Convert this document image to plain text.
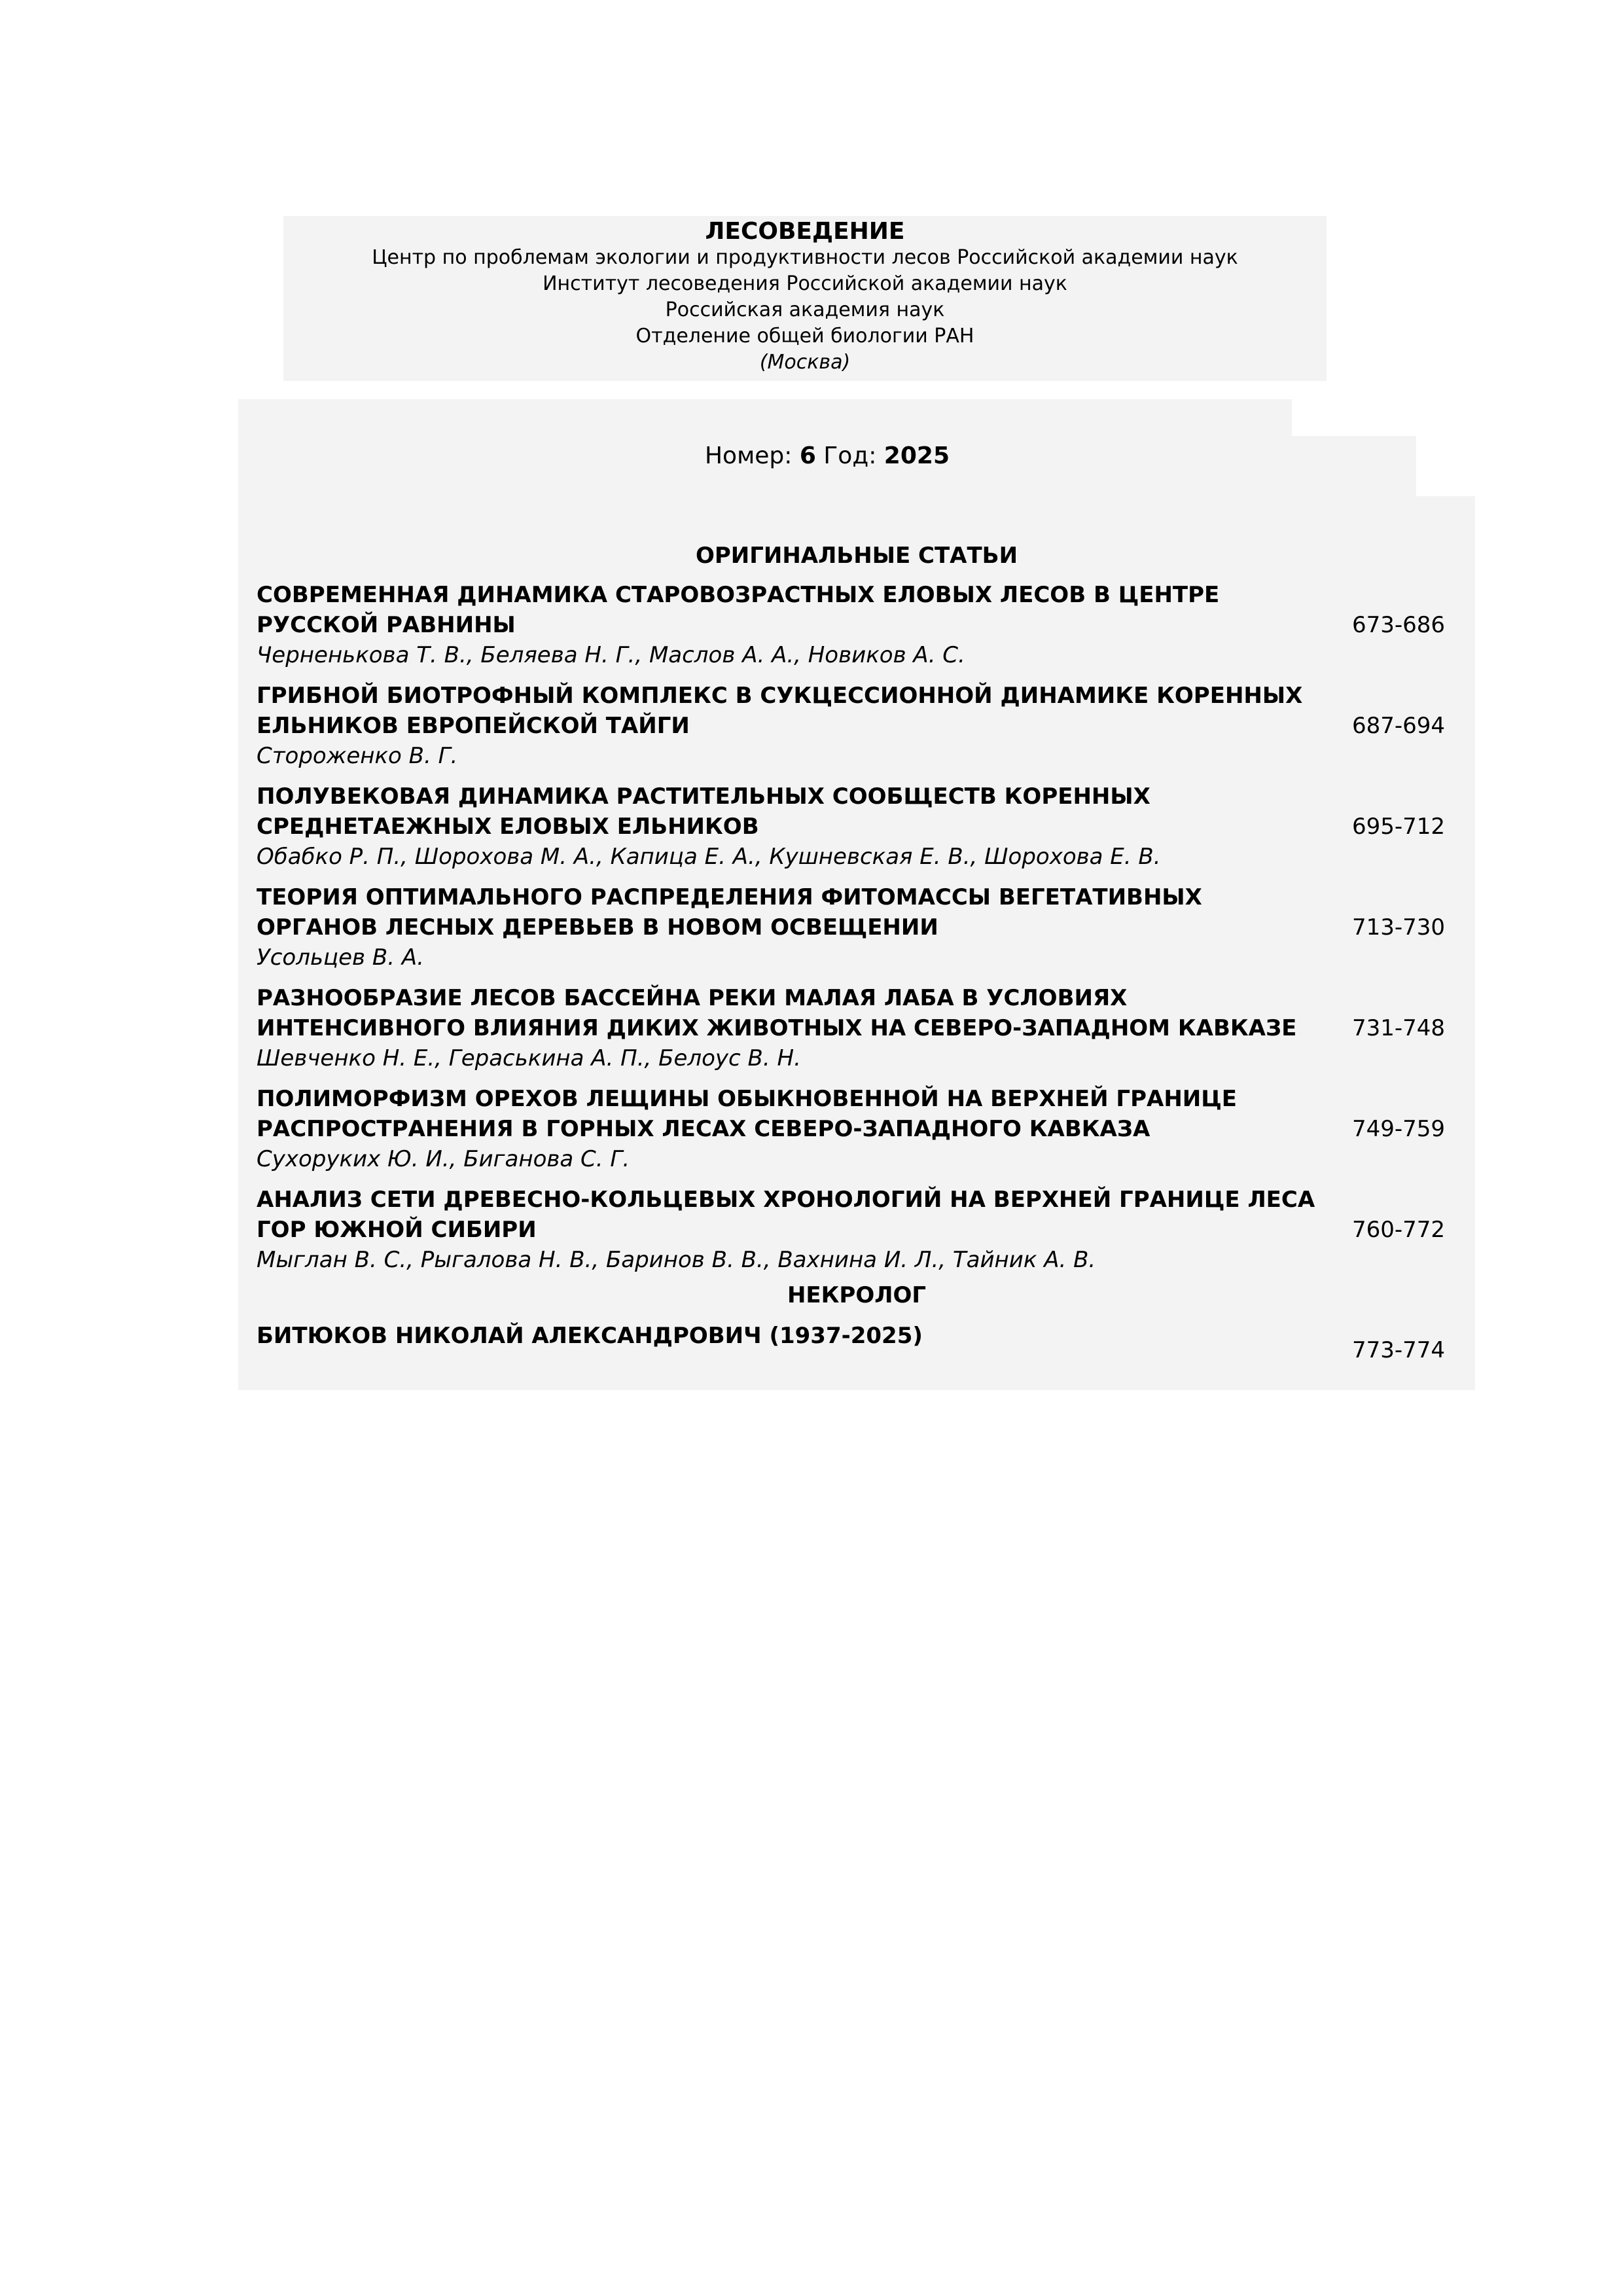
ЛЕСОВЕДЕНИЕ
Центр по проблемам экологии и продуктивности лесов Российской академии наук
Институт лесоведения Российской академии наук
Российская академия наук
Отделение общей биологии РАН
(Москва)
Номер: 6 Год: 2025
ОРИГИНАЛЬНЫЕ СТАТЬИ
СОВРЕМЕННАЯ ДИНАМИКА СТАРОВОЗРАСТНЫХ ЕЛОВЫХ ЛЕСОВ В ЦЕНТРЕ
РУССКОЙ РАВНИНЫ
Черненькова Т. В., Беляева Н. Г., Маслов А. А., Новиков А. С.
673-686
ГРИБНОЙ БИОТРОФНЫЙ КОМПЛЕКС В СУКЦЕССИОННОЙ ДИНАМИКЕ КОРЕННЫХ
ЕЛЬНИКОВ ЕВРОПЕЙСКОЙ ТАЙГИ
Стороженко В. Г.
687-694
ПОЛУВЕКОВАЯ ДИНАМИКА РАСТИТЕЛЬНЫХ СООБЩЕСТВ КОРЕННЫХ
СРЕДНЕТАЕЖНЫХ ЕЛОВЫХ ЕЛЬНИКОВ
Обабко Р. П., Шорохова М. А., Капица Е. А., Кушневская Е. В., Шорохова Е. В.
695-712
ТЕОРИЯ ОПТИМАЛЬНОГО РАСПРЕДЕЛЕНИЯ ФИТОМАССЫ ВЕГЕТАТИВНЫХ
ОРГАНОВ ЛЕСНЫХ ДЕРЕВЬЕВ В НОВОМ ОСВЕЩЕНИИ
Усольцев В. А.
713-730
РАЗНООБРАЗИЕ ЛЕСОВ БАССЕЙНА РЕКИ МАЛАЯ ЛАБА В УСЛОВИЯХ
ИНТЕНСИВНОГО ВЛИЯНИЯ ДИКИХ ЖИВОТНЫХ НА СЕВЕРО-ЗАПАДНОМ КАВКАЗЕ
Шевченко Н. Е., Гераськина А. П., Белоус В. Н.
731-748
ПОЛИМОРФИЗМ ОРЕХОВ ЛЕЩИНЫ ОБЫКНОВЕННОЙ НА ВЕРХНЕЙ ГРАНИЦЕ
РАСПРОСТРАНЕНИЯ В ГОРНЫХ ЛЕСАХ СЕВЕРО-ЗАПАДНОГО КАВКАЗА
Сухоруких Ю. И., Биганова С. Г.
749-759
АНАЛИЗ СЕТИ ДРЕВЕСНО-КОЛЬЦЕВЫХ ХРОНОЛОГИЙ НА ВЕРХНЕЙ ГРАНИЦЕ ЛЕСА
ГОР ЮЖНОЙ СИБИРИ
Мыглан В. С., Рыгалова Н. В., Баринов В. В., Вахнина И. Л., Тайник А. В.
760-772
НЕКРОЛОГ
БИТЮКОВ НИКОЛАЙ АЛЕКСАНДРОВИЧ (1937-2025)
773-774
